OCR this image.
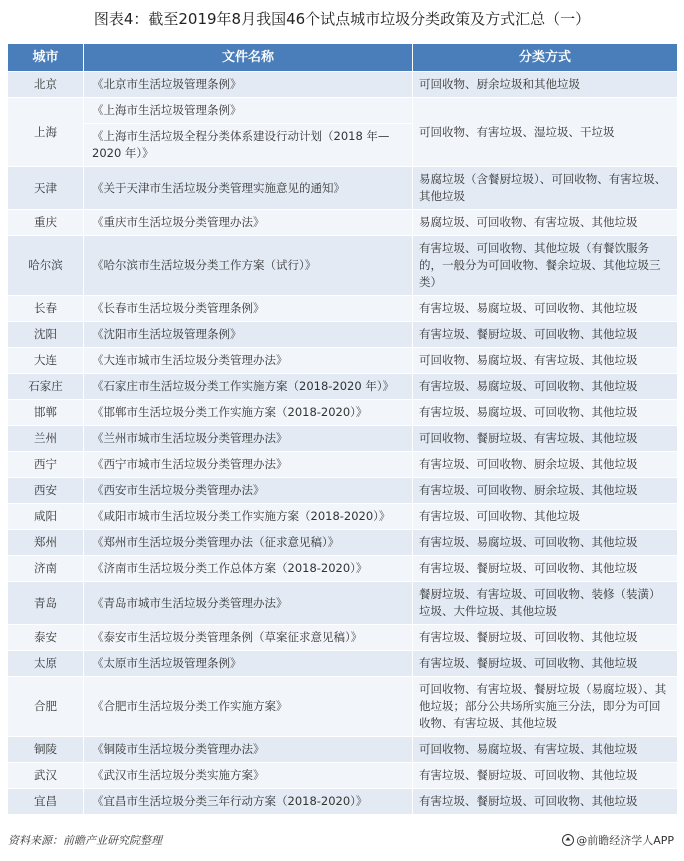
图表4：截至2019年8月我国46个试点城市垃圾分类政策及方式汇总（一）
城市	文件名称	分类方式
北京	《北京市生活垃圾管理条例》	可回收物、厨余垃圾和其他垃圾
上海	《上海市生活垃圾管理条例》
《上海市生活垃圾全程分类体系建设行动计划（2018 年—2020 年）》	可回收物、有害垃圾、湿垃圾、干垃圾
天津	《关于天津市生活垃圾分类管理实施意见的通知》	易腐垃圾（含餐厨垃圾）、可回收物、有害垃圾、其他垃圾
重庆	《重庆市生活垃圾分类管理办法》	易腐垃圾、可回收物、有害垃圾、其他垃圾
哈尔滨	《哈尔滨市生活垃圾分类工作方案（试行）》	有害垃圾、可回收物、其他垃圾（有餐饮服务的，一般分为可回收物、餐余垃圾、其他垃圾三类）
长春	《长春市生活垃圾分类管理条例》	有害垃圾、易腐垃圾、可回收物、其他垃圾
沈阳	《沈阳市生活垃圾管理条例》	有害垃圾、餐厨垃圾、可回收物、其他垃圾
大连	《大连市城市生活垃圾分类管理办法》	可回收物、易腐垃圾、有害垃圾、其他垃圾
石家庄	《石家庄市生活垃圾分类工作实施方案（2018-2020 年）》	有害垃圾、易腐垃圾、可回收物、其他垃圾
邯郸	《邯郸市生活垃圾分类工作实施方案（2018-2020）》	有害垃圾、易腐垃圾、可回收物、其他垃圾
兰州	《兰州市城市生活垃圾分类管理办法》	可回收物、餐厨垃圾、有害垃圾、其他垃圾
西宁	《西宁市城市生活垃圾分类管理办法》	有害垃圾、可回收物、厨余垃圾、其他垃圾
西安	《西安市生活垃圾分类管理办法》	有害垃圾、可回收物、厨余垃圾、其他垃圾
咸阳	《咸阳市城市生活垃圾分类工作实施方案（2018-2020）》	有害垃圾、可回收物、其他垃圾
郑州	《郑州市生活垃圾分类管理办法（征求意见稿）》	有害垃圾、易腐垃圾、可回收物、其他垃圾
济南	《济南市生活垃圾分类工作总体方案（2018-2020）》	有害垃圾、餐厨垃圾、可回收物、其他垃圾
青岛	《青岛市城市生活垃圾分类管理办法》	餐厨垃圾、有害垃圾、可回收物、装修（装潢）垃圾、大件垃圾、其他垃圾
泰安	《泰安市生活垃圾分类管理条例（草案征求意见稿）》	有害垃圾、餐厨垃圾、可回收物、其他垃圾
太原	《太原市生活垃圾管理条例》	有害垃圾、餐厨垃圾、可回收物、其他垃圾
合肥	《合肥市生活垃圾分类工作实施方案》	可回收物、有害垃圾、餐厨垃圾（易腐垃圾）、其他垃圾；部分公共场所实施三分法，即分为可回收物、有害垃圾、其他垃圾
铜陵	《铜陵市生活垃圾分类管理办法》	可回收物、易腐垃圾、有害垃圾、其他垃圾
武汉	《武汉市生活垃圾分类实施方案》	有害垃圾、餐厨垃圾、可回收物、其他垃圾
宜昌	《宜昌市生活垃圾分类三年行动方案（2018-2020）》	有害垃圾、餐厨垃圾、可回收物、其他垃圾
资料来源：前瞻产业研究院整理	@前瞻经济学人APP
